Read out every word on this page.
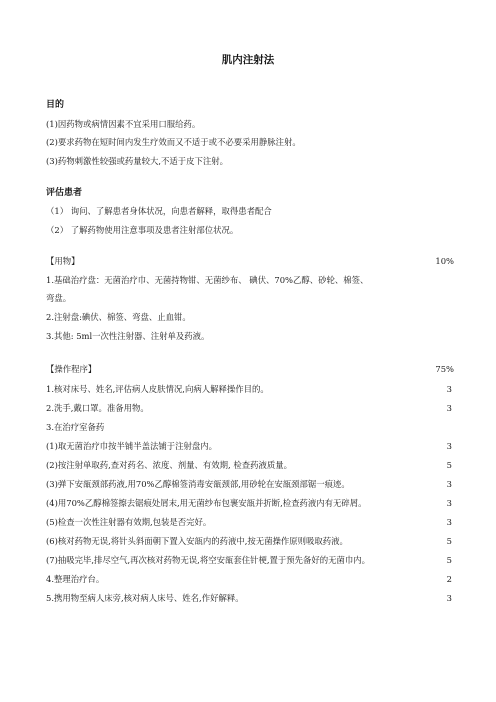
肌内注射法
目的
(1)因药物或病情因素不宜采用口服给药。
(2)要求药物在短时间内发生疗效而又不适于或不必要采用静脉注射。
(3)药物刺激性较强或药量较大,不适于皮下注射。
评估患者
（1） 询问、了解患者身体状况，向患者解释，取得患者配合
（2） 了解药物使用注意事项及患者注射部位状况。
【用物】	10%
1.基础治疗盘：无菌治疗巾、无菌持物钳、无菌纱布、 碘伏、70%乙醇、砂轮、棉签、
弯盘。
2.注射盘:碘伏、棉签、弯盘、止血钳。
3.其他: 5ml一次性注射器、注射单及药液。
【操作程序】	75%
1.核对床号、姓名,评估病人皮肤情况,向病人解释操作目的。	3
2.洗手,戴口罩。准备用物。	3
3.在治疗室备药
(1)取无菌治疗巾按半铺半盖法铺于注射盘内。	3
(2)按注射单取药,查对药名、浓度、剂量、有效期, 检查药液质量。	5
(3)弹下安瓿颈部药液,用70%乙醇棉签消毒安瓿颈部,用砂轮在安瓿颈部锯一痕迹。	3
(4)用70%乙醇棉签擦去锯痕处屑末,用无菌纱布包裹安瓿并折断,检查药液内有无碎屑。	3
(5)检查一次性注射器有效期,包装是否完好。	3
(6)核对药物无误,将针头斜面朝下置入安瓿内的药液中,按无菌操作原则吸取药液。	5
(7)抽吸完毕,排尽空气,再次核对药物无误,将空安瓿套住针梗,置于预先备好的无菌巾内。	5
4.整理治疗台。	2
5.携用物至病人床旁,核对病人床号、姓名,作好解释。	3
